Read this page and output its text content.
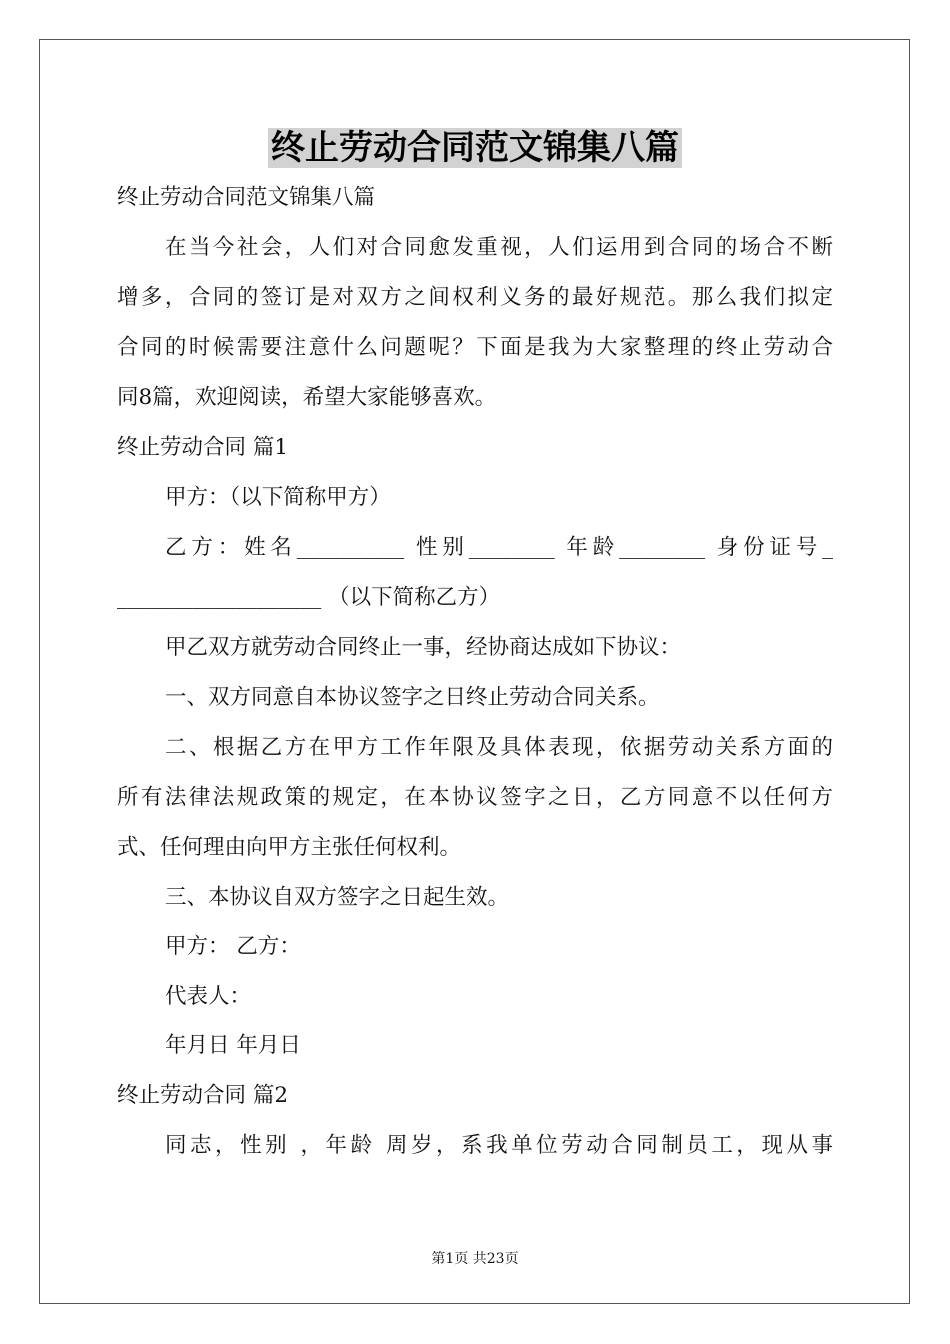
终止劳动合同范文锦集八篇
终止劳动合同范文锦集八篇
在当今社会，人们对合同愈发重视，人们运用到合同的场合不断
增多，合同的签订是对双方之间权利义务的最好规范。那么我们拟定
合同的时候需要注意什么问题呢？下面是我为大家整理的终止劳动合
同8篇，欢迎阅读，希望大家能够喜欢。
终止劳动合同 篇1
甲方：（以下简称甲方）
乙方：姓名__________ 性别________ 年龄________ 身份证号_
___________________ （以下简称乙方）
甲乙双方就劳动合同终止一事，经协商达成如下协议：
一、双方同意自本协议签字之日终止劳动合同关系。
二、根据乙方在甲方工作年限及具体表现，依据劳动关系方面的
所有法律法规政策的规定，在本协议签字之日，乙方同意不以任何方
式、任何理由向甲方主张任何权利。
三、本协议自双方签字之日起生效。
甲方： 乙方：
代表人：
年月日 年月日
终止劳动合同 篇2
同志，性别 ，年龄 周岁，系我单位劳动合同制员工，现从事
第1页 共23页
